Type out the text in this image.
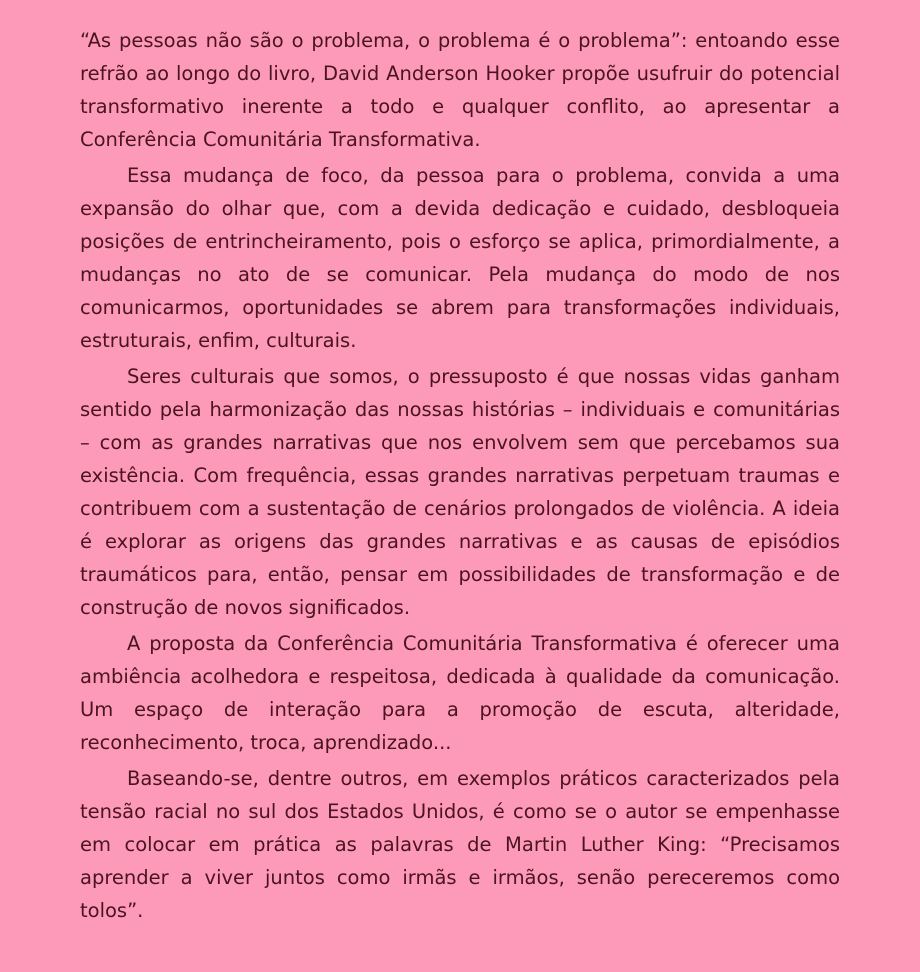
“As pessoas não são o problema, o problema é o problema”: entoando esse refrão ao longo do livro, David Anderson Hooker propõe usufruir do potencial transformativo inerente a todo e qualquer conflito, ao apresentar a Conferência Comunitária Transformativa.

Essa mudança de foco, da pessoa para o problema, convida a uma expansão do olhar que, com a devida dedicação e cuidado, desbloqueia posições de entrincheiramento, pois o esforço se aplica, primordialmente, a mudanças no ato de se comunicar. Pela mudança do modo de nos comunicarmos, oportunidades se abrem para transformações individuais, estruturais, enfim, culturais.

Seres culturais que somos, o pressuposto é que nossas vidas ganham sentido pela harmonização das nossas histórias – individuais e comunitárias – com as grandes narrativas que nos envolvem sem que percebamos sua existência. Com frequência, essas grandes narrativas perpetuam traumas e contribuem com a sustentação de cenários prolongados de violência. A ideia é explorar as origens das grandes narrativas e as causas de episódios traumáticos para, então, pensar em possibilidades de transformação e de construção de novos significados.

A proposta da Conferência Comunitária Transformativa é oferecer uma ambiência acolhedora e respeitosa, dedicada à qualidade da comunicação. Um espaço de interação para a promoção de escuta, alteridade, reconhecimento, troca, aprendizado...

Baseando-se, dentre outros, em exemplos práticos caracterizados pela tensão racial no sul dos Estados Unidos, é como se o autor se empenhasse em colocar em prática as palavras de Martin Luther King: “Precisamos aprender a viver juntos como irmãs e irmãos, senão pereceremos como tolos”.
